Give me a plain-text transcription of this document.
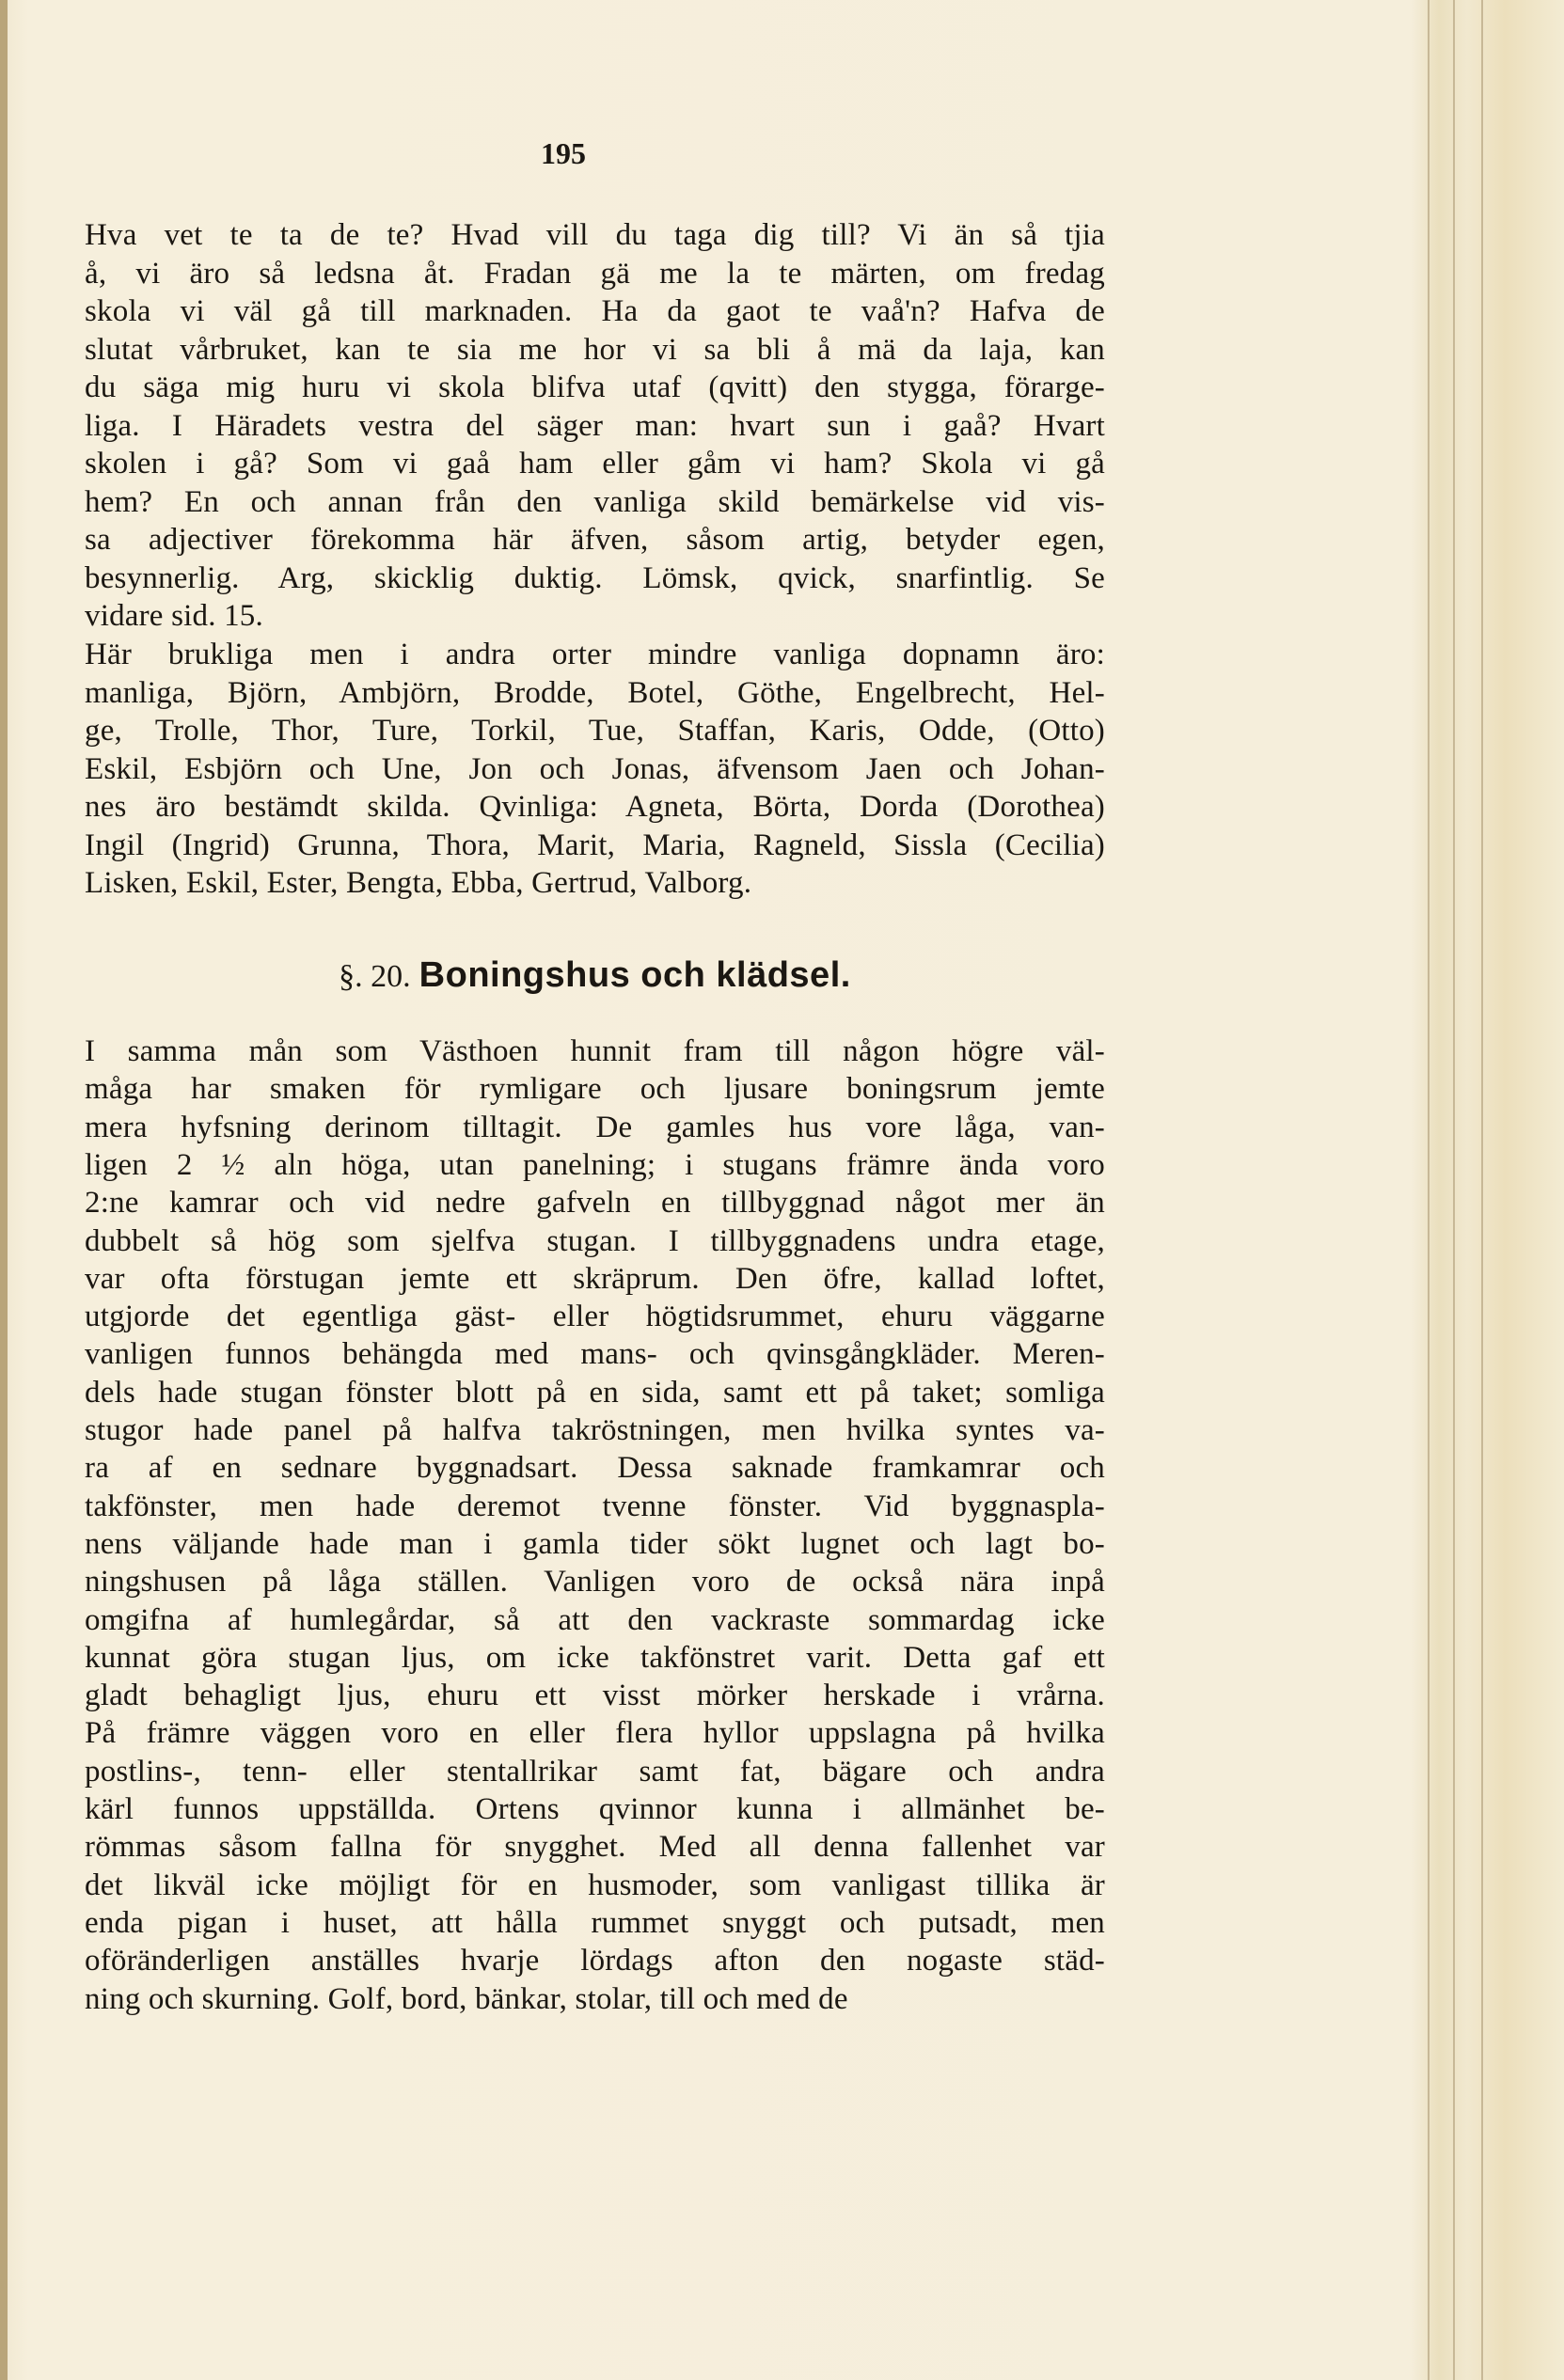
195
Hva vet te ta de te? Hvad vill du taga dig till? Vi än så tjia
å, vi äro så ledsna åt. Fradan gä me la te märten, om fredag
skola vi väl gå till marknaden. Ha da gaot te vaå'n? Hafva de
slutat vårbruket, kan te sia me hor vi sa bli å mä da laja, kan
du säga mig huru vi skola blifva utaf (qvitt) den stygga, förarge-
liga. I Häradets vestra del säger man: hvart sun i gaå? Hvart
skolen i gå? Som vi gaå ham eller gåm vi ham? Skola vi gå
hem? En och annan från den vanliga skild bemärkelse vid vis-
sa adjectiver förekomma här äfven, såsom artig, betyder egen,
besynnerlig. Arg, skicklig duktig. Lömsk, qvick, snarfintlig. Se
vidare sid. 15.
Här brukliga men i andra orter mindre vanliga dopnamn äro:
manliga, Björn, Ambjörn, Brodde, Botel, Göthe, Engelbrecht, Hel-
ge, Trolle, Thor, Ture, Torkil, Tue, Staffan, Karis, Odde, (Otto)
Eskil, Esbjörn och Une, Jon och Jonas, äfvensom Jaen och Johan-
nes äro bestämdt skilda. Qvinliga: Agneta, Börta, Dorda (Dorothea)
Ingil (Ingrid) Grunna, Thora, Marit, Maria, Ragneld, Sissla (Cecilia)
Lisken, Eskil, Ester, Bengta, Ebba, Gertrud, Valborg.
§. 20. Boningshus och klädsel.
I samma mån som Västhoen hunnit fram till någon högre väl-
måga har smaken för rymligare och ljusare boningsrum jemte
mera hyfsning derinom tilltagit. De gamles hus vore låga, van-
ligen 2 ½ aln höga, utan panelning; i stugans främre ända voro
2:ne kamrar och vid nedre gafveln en tillbyggnad något mer än
dubbelt så hög som sjelfva stugan. I tillbyggnadens undra etage,
var ofta förstugan jemte ett skräprum. Den öfre, kallad loftet,
utgjorde det egentliga gäst- eller högtidsrummet, ehuru väggarne
vanligen funnos behängda med mans- och qvinsgångkläder. Meren-
dels hade stugan fönster blott på en sida, samt ett på taket; somliga
stugor hade panel på halfva takröstningen, men hvilka syntes va-
ra af en sednare byggnadsart. Dessa saknade framkamrar och
takfönster, men hade deremot tvenne fönster. Vid byggnaspla-
nens väljande hade man i gamla tider sökt lugnet och lagt bo-
ningshusen på låga ställen. Vanligen voro de också nära inpå
omgifna af humlegårdar, så att den vackraste sommardag icke
kunnat göra stugan ljus, om icke takfönstret varit. Detta gaf ett
gladt behagligt ljus, ehuru ett visst mörker herskade i vrårna.
På främre väggen voro en eller flera hyllor uppslagna på hvilka
postlins-, tenn- eller stentallrikar samt fat, bägare och andra
kärl funnos uppställda. Ortens qvinnor kunna i allmänhet be-
römmas såsom fallna för snygghet. Med all denna fallenhet var
det likväl icke möjligt för en husmoder, som vanligast tillika är
enda pigan i huset, att hålla rummet snyggt och putsadt, men
oföränderligen anställes hvarje lördags afton den nogaste städ-
ning och skurning. Golf, bord, bänkar, stolar, till och med de
